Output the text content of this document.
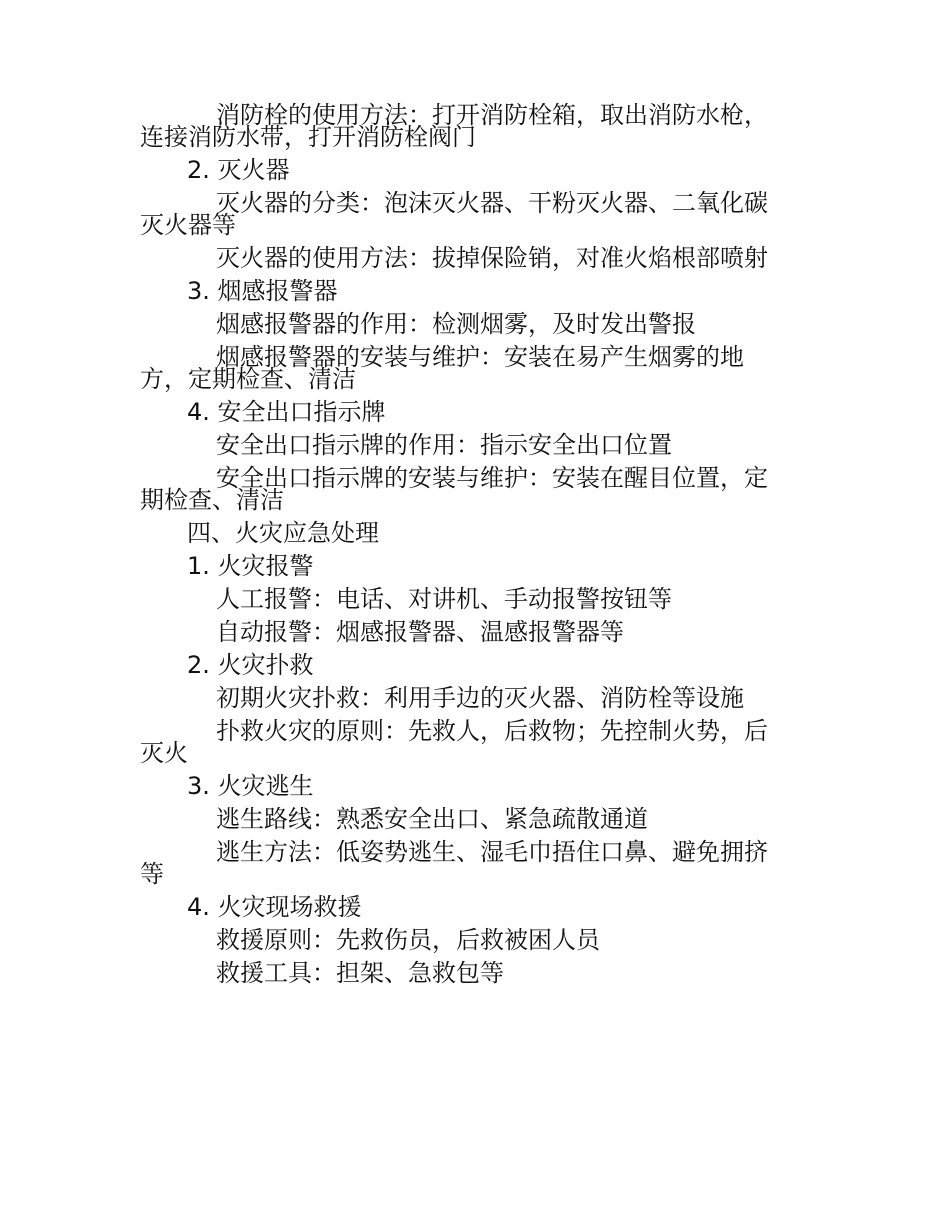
消防栓的使用方法：打开消防栓箱，取出消防水枪，连接消防水带，打开消防栓阀门
2. 灭火器
灭火器的分类：泡沫灭火器、干粉灭火器、二氧化碳灭火器等
灭火器的使用方法：拔掉保险销，对准火焰根部喷射
3. 烟感报警器
烟感报警器的作用：检测烟雾，及时发出警报
烟感报警器的安装与维护：安装在易产生烟雾的地方，定期检查、清洁
4. 安全出口指示牌
安全出口指示牌的作用：指示安全出口位置
安全出口指示牌的安装与维护：安装在醒目位置，定期检查、清洁
四、火灾应急处理
1. 火灾报警
人工报警：电话、对讲机、手动报警按钮等
自动报警：烟感报警器、温感报警器等
2. 火灾扑救
初期火灾扑救：利用手边的灭火器、消防栓等设施
扑救火灾的原则：先救人，后救物；先控制火势，后灭火
3. 火灾逃生
逃生路线：熟悉安全出口、紧急疏散通道
逃生方法：低姿势逃生、湿毛巾捂住口鼻、避免拥挤等
4. 火灾现场救援
救援原则：先救伤员，后救被困人员
救援工具：担架、急救包等
